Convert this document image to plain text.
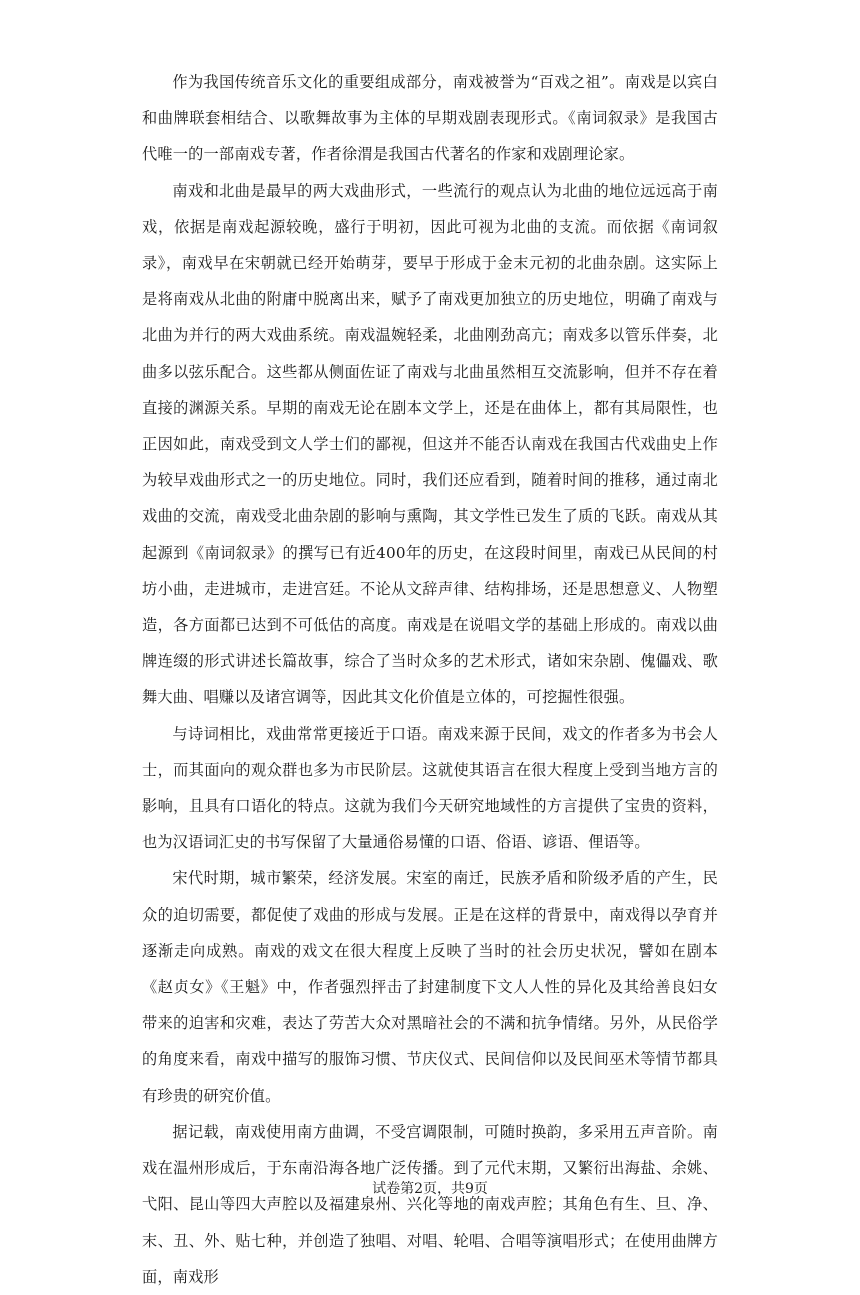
作为我国传统音乐文化的重要组成部分，南戏被誉为“百戏之祖”。南戏是以宾白和曲牌联套相结合、以歌舞故事为主体的早期戏剧表现形式。《南词叙录》是我国古代唯一的一部南戏专著，作者徐渭是我国古代著名的作家和戏剧理论家。

南戏和北曲是最早的两大戏曲形式，一些流行的观点认为北曲的地位远远高于南戏，依据是南戏起源较晚，盛行于明初，因此可视为北曲的支流。而依据《南词叙录》，南戏早在宋朝就已经开始萌芽，要早于形成于金末元初的北曲杂剧。这实际上是将南戏从北曲的附庸中脱离出来，赋予了南戏更加独立的历史地位，明确了南戏与北曲为并行的两大戏曲系统。南戏温婉轻柔，北曲刚劲高亢；南戏多以管乐伴奏，北曲多以弦乐配合。这些都从侧面佐证了南戏与北曲虽然相互交流影响，但并不存在着直接的渊源关系。早期的南戏无论在剧本文学上，还是在曲体上，都有其局限性，也正因如此，南戏受到文人学士们的鄙视，但这并不能否认南戏在我国古代戏曲史上作为较早戏曲形式之一的历史地位。同时，我们还应看到，随着时间的推移，通过南北戏曲的交流，南戏受北曲杂剧的影响与熏陶，其文学性已发生了质的飞跃。南戏从其起源到《南词叙录》的撰写已有近400年的历史，在这段时间里，南戏已从民间的村坊小曲，走进城市，走进宫廷。不论从文辞声律、结构排场，还是思想意义、人物塑造，各方面都已达到不可低估的高度。南戏是在说唱文学的基础上形成的。南戏以曲牌连缀的形式讲述长篇故事，综合了当时众多的艺术形式，诸如宋杂剧、傀儡戏、歌舞大曲、唱赚以及诸宫调等，因此其文化价值是立体的，可挖掘性很强。

与诗词相比，戏曲常常更接近于口语。南戏来源于民间，戏文的作者多为书会人士，而其面向的观众群也多为市民阶层。这就使其语言在很大程度上受到当地方言的影响，且具有口语化的特点。这就为我们今天研究地域性的方言提供了宝贵的资料，也为汉语词汇史的书写保留了大量通俗易懂的口语、俗语、谚语、俚语等。

宋代时期，城市繁荣，经济发展。宋室的南迁，民族矛盾和阶级矛盾的产生，民众的迫切需要，都促使了戏曲的形成与发展。正是在这样的背景中，南戏得以孕育并逐渐走向成熟。南戏的戏文在很大程度上反映了当时的社会历史状况，譬如在剧本《赵贞女》《王魁》中，作者强烈抨击了封建制度下文人人性的异化及其给善良妇女带来的迫害和灾难，表达了劳苦大众对黑暗社会的不满和抗争情绪。另外，从民俗学的角度来看，南戏中描写的服饰习惯、节庆仪式、民间信仰以及民间巫术等情节都具有珍贵的研究价值。

据记载，南戏使用南方曲调，不受宫调限制，可随时换韵，多采用五声音阶。南戏在温州形成后，于东南沿海各地广泛传播。到了元代末期，又繁衍出海盐、余姚、弋阳、昆山等四大声腔以及福建泉州、兴化等地的南戏声腔；其角色有生、旦、净、末、丑、外、贴七种，并创造了独唱、对唱、轮唱、合唱等演唱形式；在使用曲牌方面，南戏形

试卷第2页，共9页
